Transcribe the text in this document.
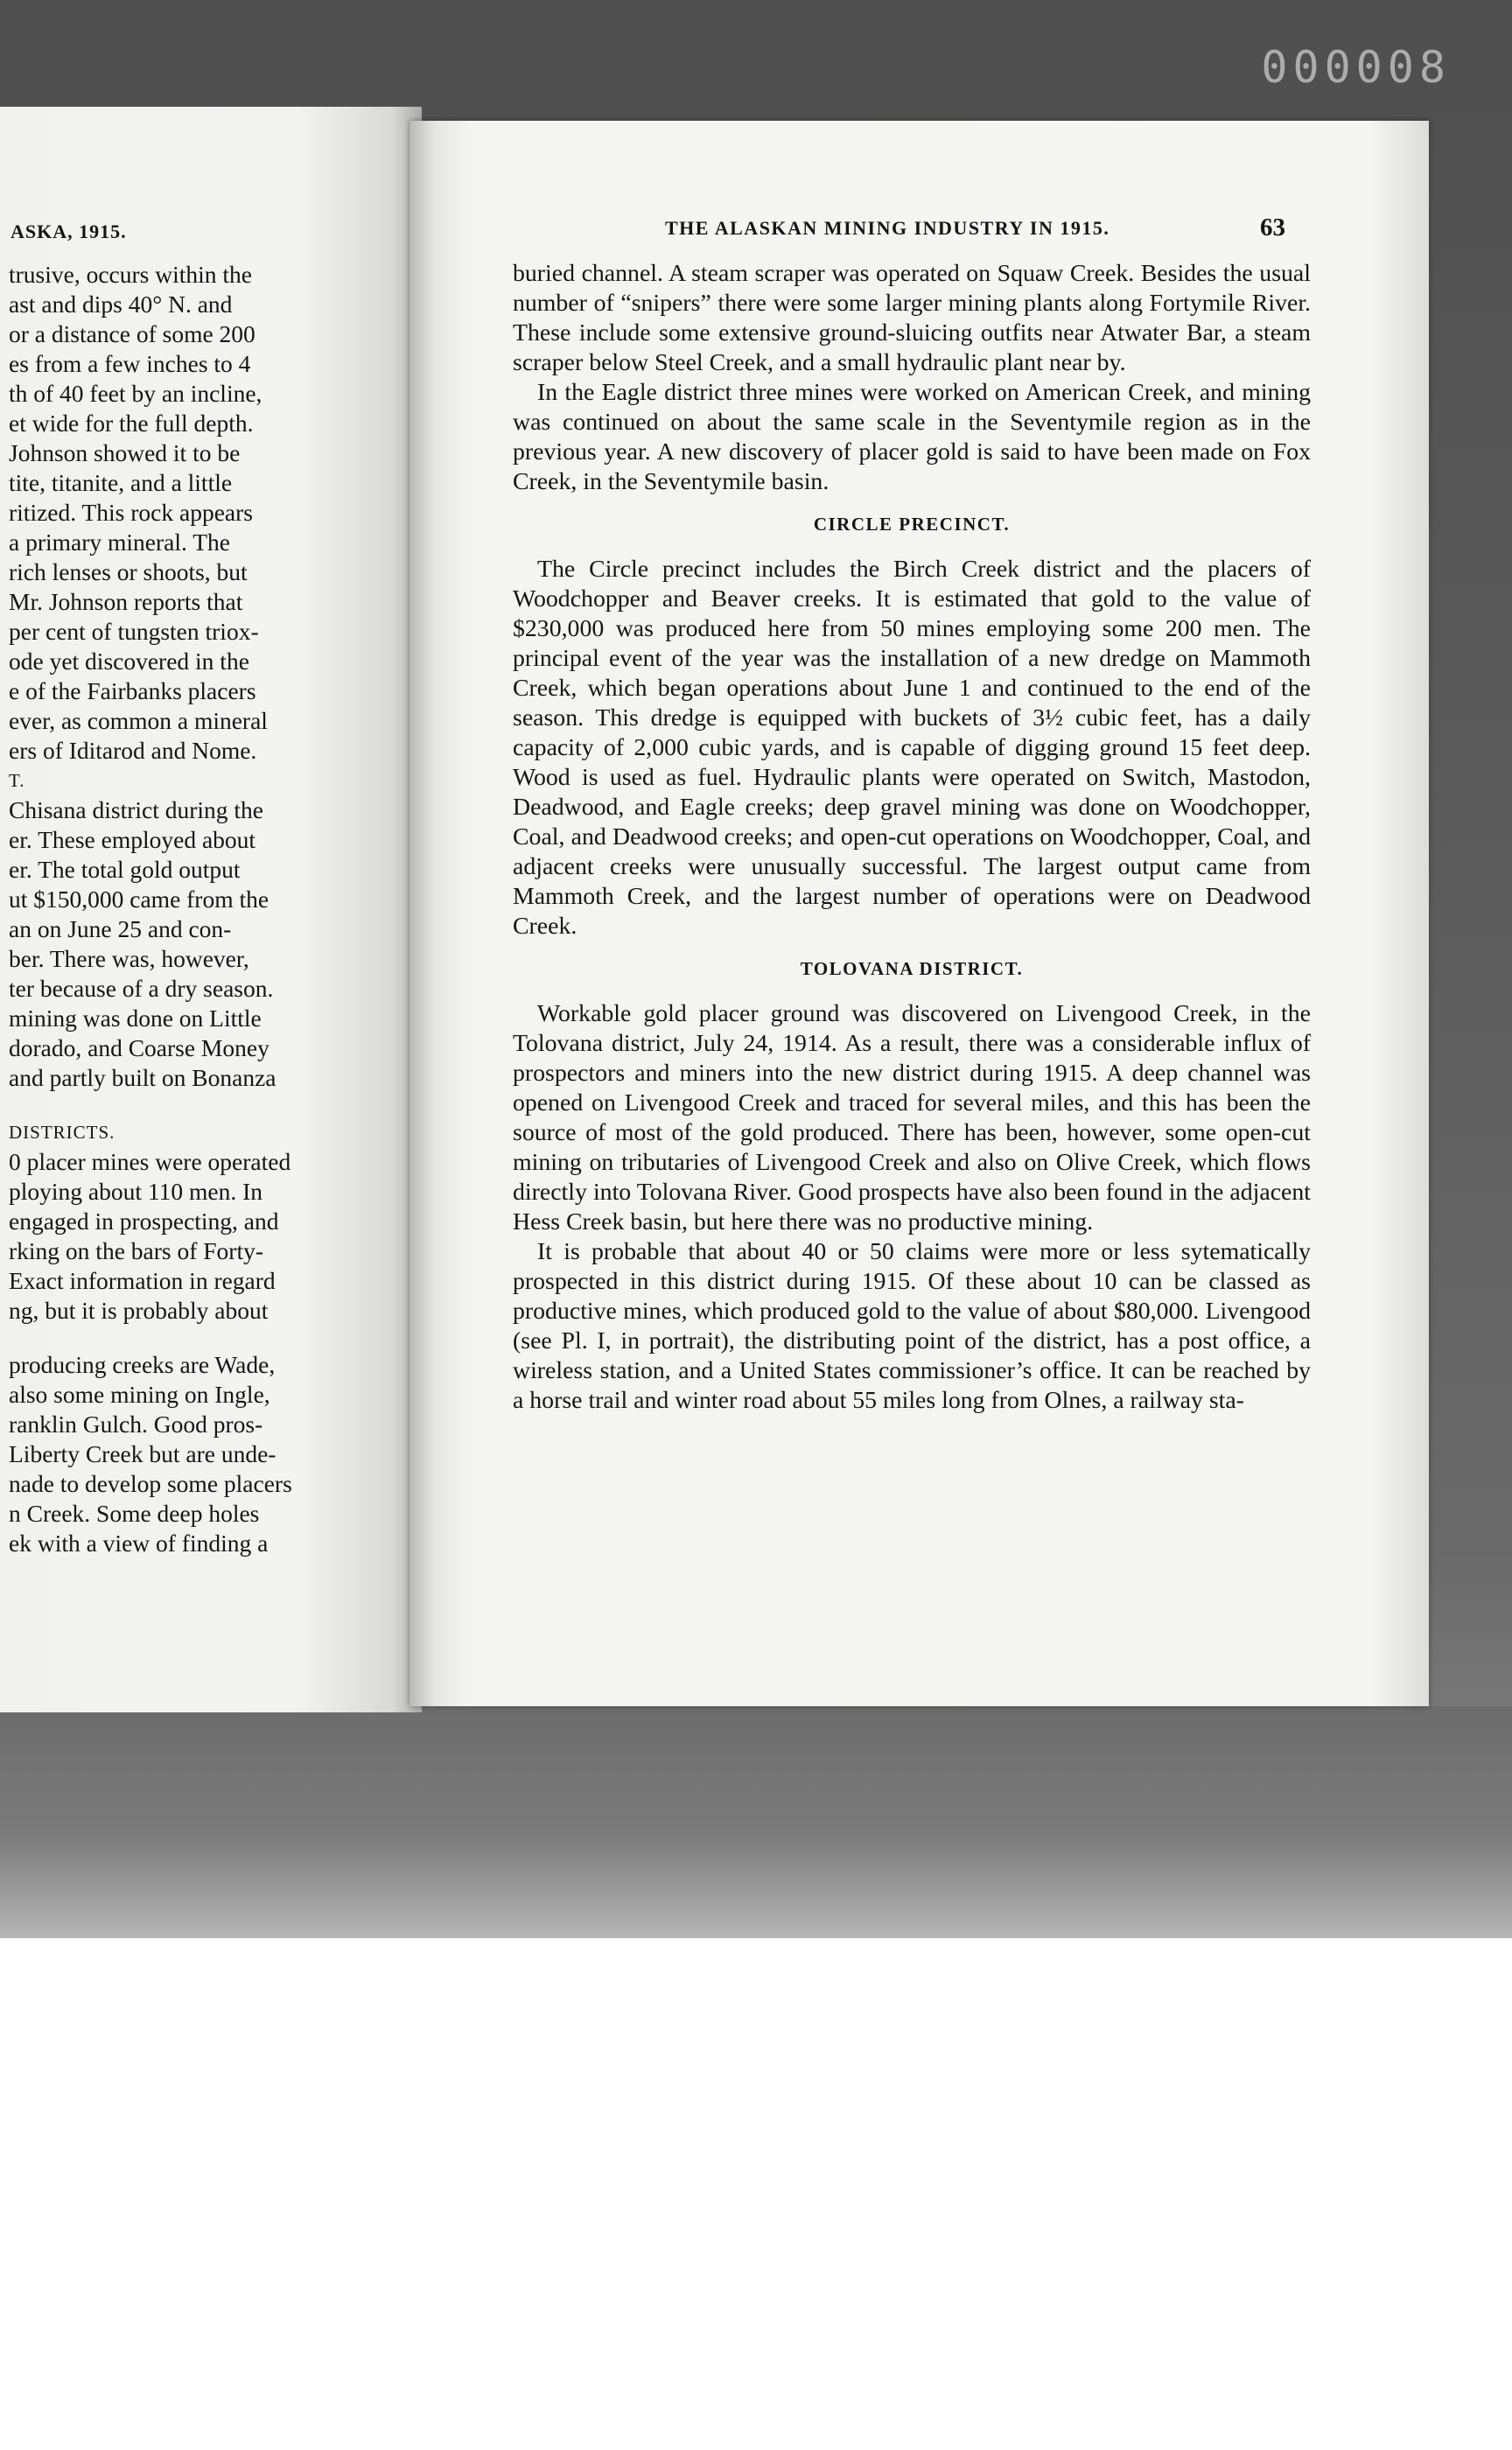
000008
ASKA, 1915.
trusive, occurs within the
ast and dips 40° N. and
or a distance of some 200
es from a few inches to 4
th of 40 feet by an incline,
et wide for the full depth.
Johnson showed it to be
tite, titanite, and a little
ritized. This rock appears
a primary mineral. The
rich lenses or shoots, but
Mr. Johnson reports that
per cent of tungsten triox-
ode yet discovered in the
e of the Fairbanks placers
ever, as common a mineral
ers of Iditarod and Nome.
T.
Chisana district during the
er. These employed about
er. The total gold output
ut $150,000 came from the
an on June 25 and con-
ber. There was, however,
ter because of a dry season.
mining was done on Little
dorado, and Coarse Money
and partly built on Bonanza
DISTRICTS.
0 placer mines were operated
ploying about 110 men. In
engaged in prospecting, and
rking on the bars of Forty-
Exact information in regard
ng, but it is probably about
producing creeks are Wade,
also some mining on Ingle,
ranklin Gulch. Good pros-
Liberty Creek but are unde-
nade to develop some placers
n Creek. Some deep holes
ek with a view of finding a
THE ALASKAN MINING INDUSTRY IN 1915.	63

buried channel. A steam scraper was operated on Squaw Creek. Besides the usual number of “snipers” there were some larger mining plants along Fortymile River. These include some extensive ground-sluicing outfits near Atwater Bar, a steam scraper below Steel Creek, and a small hydraulic plant near by.

In the Eagle district three mines were worked on American Creek, and mining was continued on about the same scale in the Seventymile region as in the previous year. A new discovery of placer gold is said to have been made on Fox Creek, in the Seventymile basin.

CIRCLE PRECINCT.

The Circle precinct includes the Birch Creek district and the placers of Woodchopper and Beaver creeks. It is estimated that gold to the value of $230,000 was produced here from 50 mines employing some 200 men. The principal event of the year was the installation of a new dredge on Mammoth Creek, which began operations about June 1 and continued to the end of the season. This dredge is equipped with buckets of 3½ cubic feet, has a daily capacity of 2,000 cubic yards, and is capable of digging ground 15 feet deep. Wood is used as fuel. Hydraulic plants were operated on Switch, Mastodon, Deadwood, and Eagle creeks; deep gravel mining was done on Woodchopper, Coal, and Deadwood creeks; and open-cut operations on Woodchopper, Coal, and adjacent creeks were unusually successful. The largest output came from Mammoth Creek, and the largest number of operations were on Deadwood Creek.

TOLOVANA DISTRICT.

Workable gold placer ground was discovered on Livengood Creek, in the Tolovana district, July 24, 1914. As a result, there was a considerable influx of prospectors and miners into the new district during 1915. A deep channel was opened on Livengood Creek and traced for several miles, and this has been the source of most of the gold produced. There has been, however, some open-cut mining on tributaries of Livengood Creek and also on Olive Creek, which flows directly into Tolovana River. Good prospects have also been found in the adjacent Hess Creek basin, but here there was no productive mining.

It is probable that about 40 or 50 claims were more or less sytematically prospected in this district during 1915. Of these about 10 can be classed as productive mines, which produced gold to the value of about $80,000. Livengood (see Pl. I, in portrait), the distributing point of the district, has a post office, a wireless station, and a United States commissioner’s office. It can be reached by a horse trail and winter road about 55 miles long from Olnes, a railway sta-
